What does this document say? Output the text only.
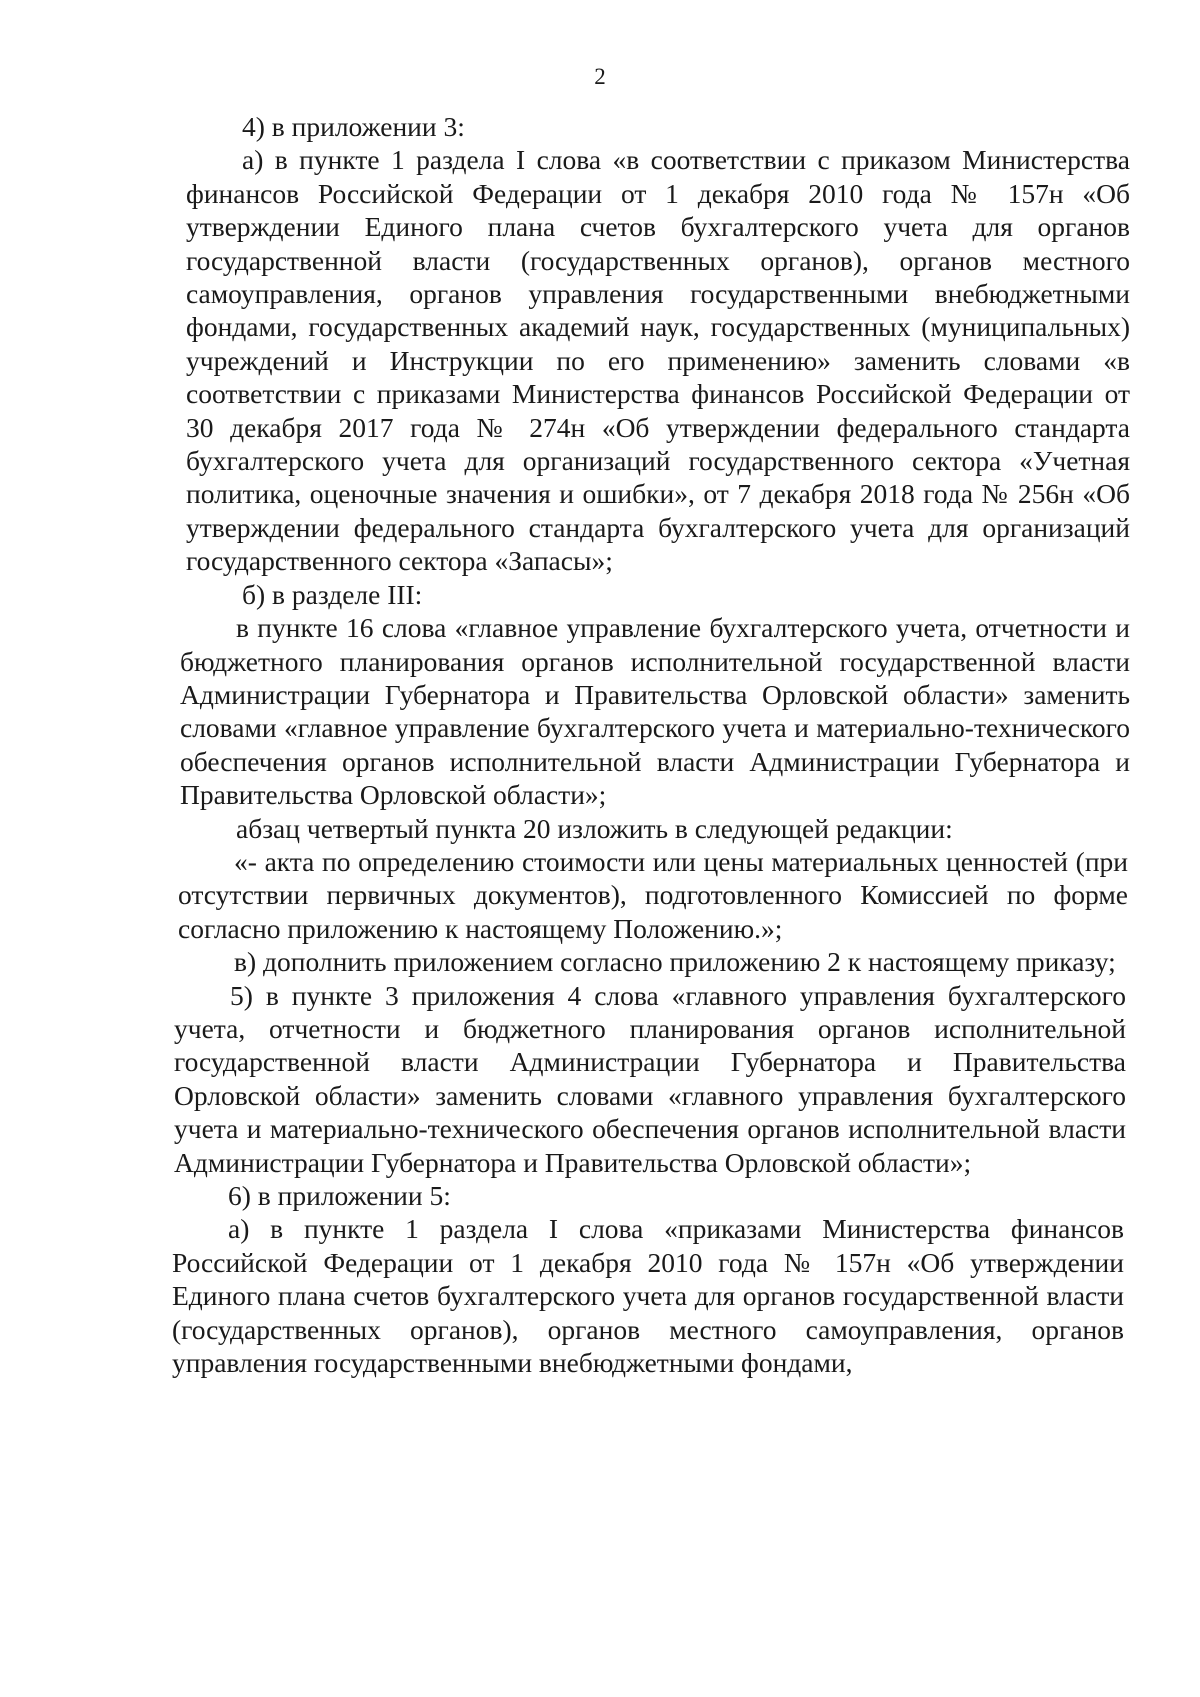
2

4) в приложении 3:

а) в пункте 1 раздела I слова «в соответствии с приказом Министерства финансов Российской Федерации от 1 декабря 2010 года № 157н «Об утверждении Единого плана счетов бухгалтерского учета для органов государственной власти (государственных органов), органов местного самоуправления, органов управления государственными внебюджетными фондами, государственных академий наук, государственных (муниципальных) учреждений и Инструкции по его применению» заменить словами «в соответствии с приказами Министерства финансов Российской Федерации от 30 декабря 2017 года № 274н «Об утверждении федерального стандарта бухгалтерского учета для организаций государственного сектора «Учетная политика, оценочные значения и ошибки», от 7 декабря 2018 года № 256н «Об утверждении федерального стандарта бухгалтерского учета для организаций государственного сектора «Запасы»;

б) в разделе III:

в пункте 16 слова «главное управление бухгалтерского учета, отчетности и бюджетного планирования органов исполнительной государственной власти Администрации Губернатора и Правительства Орловской области» заменить словами «главное управление бухгалтерского учета и материально-технического обеспечения органов исполнительной власти Администрации Губернатора и Правительства Орловской области»;

абзац четвертый пункта 20 изложить в следующей редакции:

«- акта по определению стоимости или цены материальных ценностей (при отсутствии первичных документов), подготовленного Комиссией по форме согласно приложению к настоящему Положению.»;

в) дополнить приложением согласно приложению 2 к настоящему приказу;

5) в пункте 3 приложения 4 слова «главного управления бухгалтерского учета, отчетности и бюджетного планирования органов исполнительной государственной власти Администрации Губернатора и Правительства Орловской области» заменить словами «главного управления бухгалтерского учета и материально-технического обеспечения органов исполнительной власти Администрации Губернатора и Правительства Орловской области»;

6) в приложении 5:

а) в пункте 1 раздела I слова «приказами Министерства финансов Российской Федерации от 1 декабря 2010 года № 157н «Об утверждении Единого плана счетов бухгалтерского учета для органов государственной власти (государственных органов), органов местного самоуправления, органов управления государственными внебюджетными фондами,
